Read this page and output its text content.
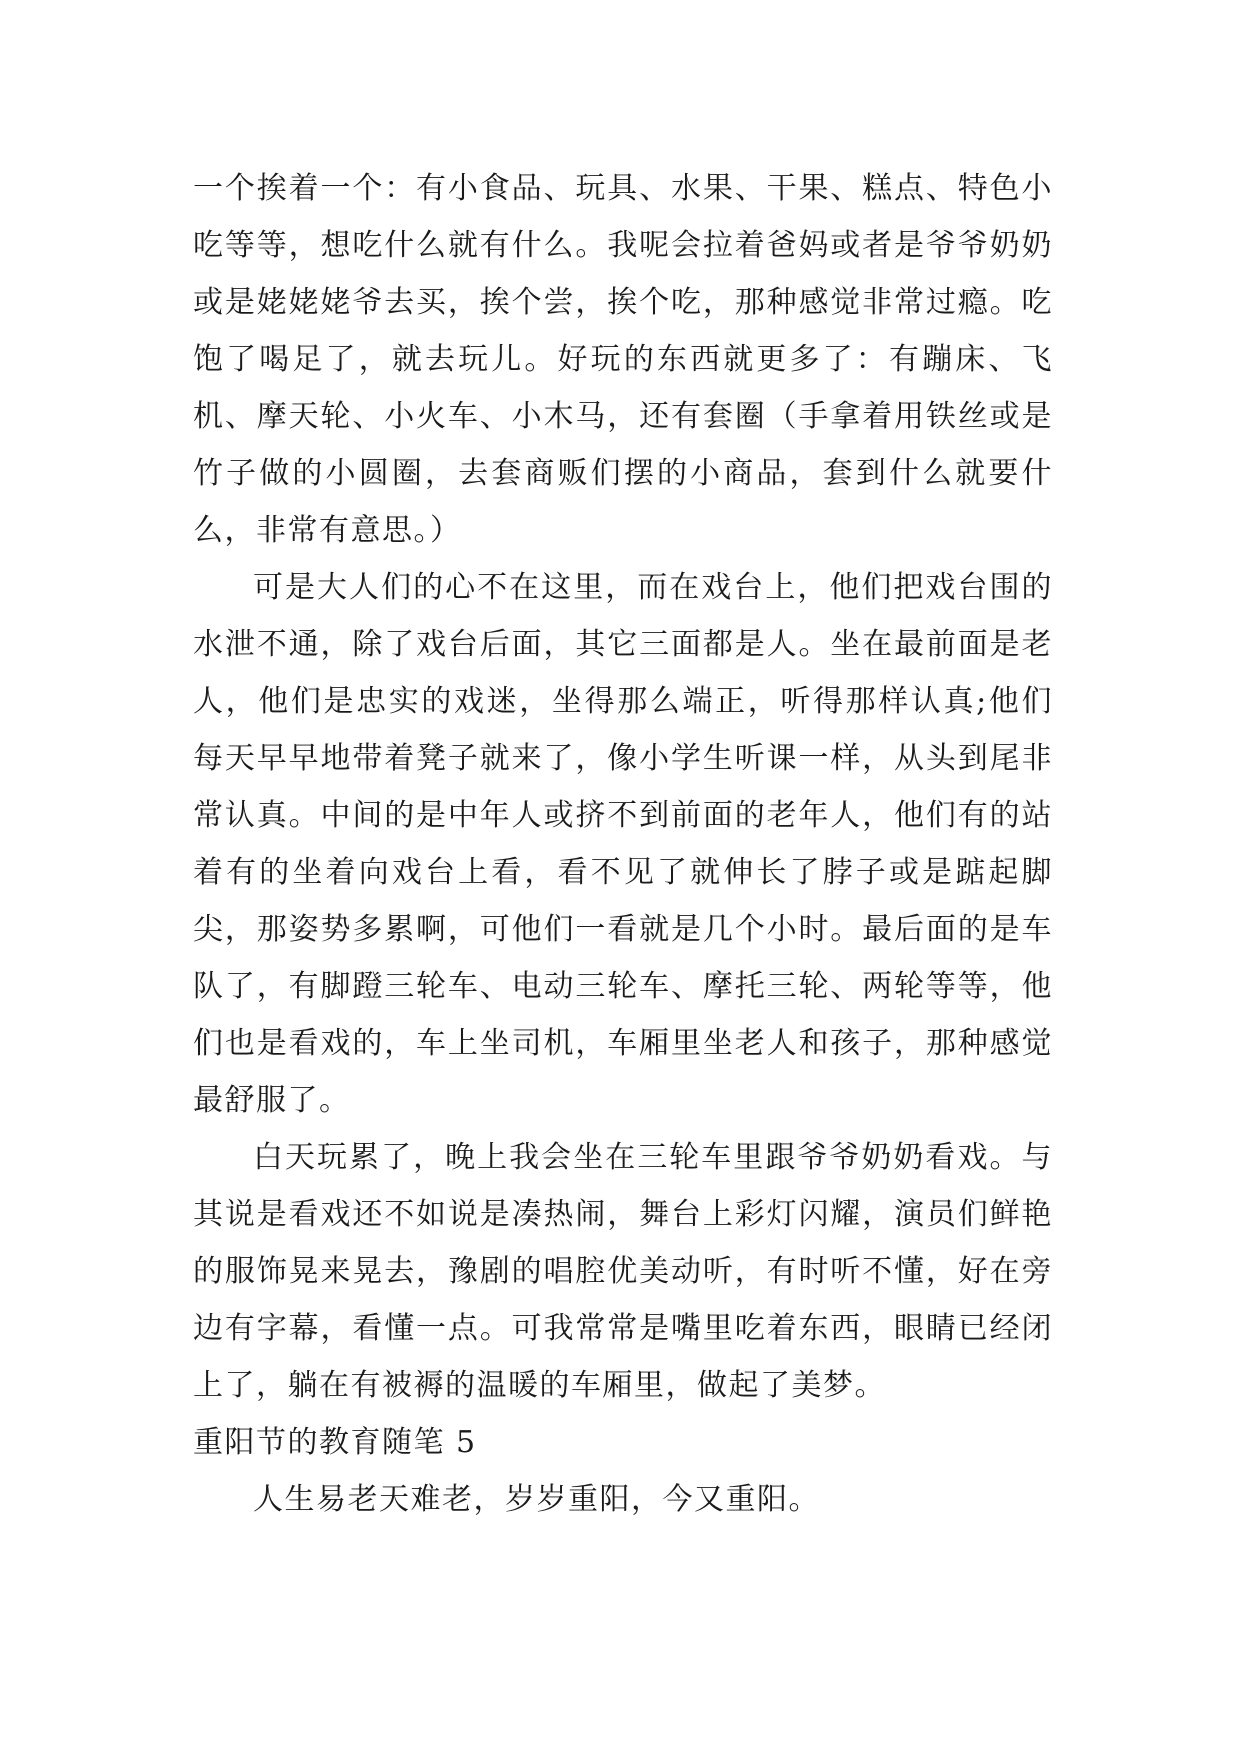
一个挨着一个：有小食品、玩具、水果、干果、糕点、特色小吃等等，想吃什么就有什么。我呢会拉着爸妈或者是爷爷奶奶或是姥姥姥爷去买，挨个尝，挨个吃，那种感觉非常过瘾。吃饱了喝足了，就去玩儿。好玩的东西就更多了：有蹦床、飞机、摩天轮、小火车、小木马，还有套圈（手拿着用铁丝或是竹子做的小圆圈，去套商贩们摆的小商品，套到什么就要什么，非常有意思。）

可是大人们的心不在这里，而在戏台上，他们把戏台围的水泄不通，除了戏台后面，其它三面都是人。坐在最前面是老人，他们是忠实的戏迷，坐得那么端正，听得那样认真;他们每天早早地带着凳子就来了，像小学生听课一样，从头到尾非常认真。中间的是中年人或挤不到前面的老年人，他们有的站着有的坐着向戏台上看，看不见了就伸长了脖子或是踮起脚尖，那姿势多累啊，可他们一看就是几个小时。最后面的是车队了，有脚蹬三轮车、电动三轮车、摩托三轮、两轮等等，他们也是看戏的，车上坐司机，车厢里坐老人和孩子，那种感觉最舒服了。

白天玩累了，晚上我会坐在三轮车里跟爷爷奶奶看戏。与其说是看戏还不如说是凑热闹，舞台上彩灯闪耀，演员们鲜艳的服饰晃来晃去，豫剧的唱腔优美动听，有时听不懂，好在旁边有字幕，看懂一点。可我常常是嘴里吃着东西，眼睛已经闭上了，躺在有被褥的温暖的车厢里，做起了美梦。

重阳节的教育随笔 5

人生易老天难老，岁岁重阳，今又重阳。
